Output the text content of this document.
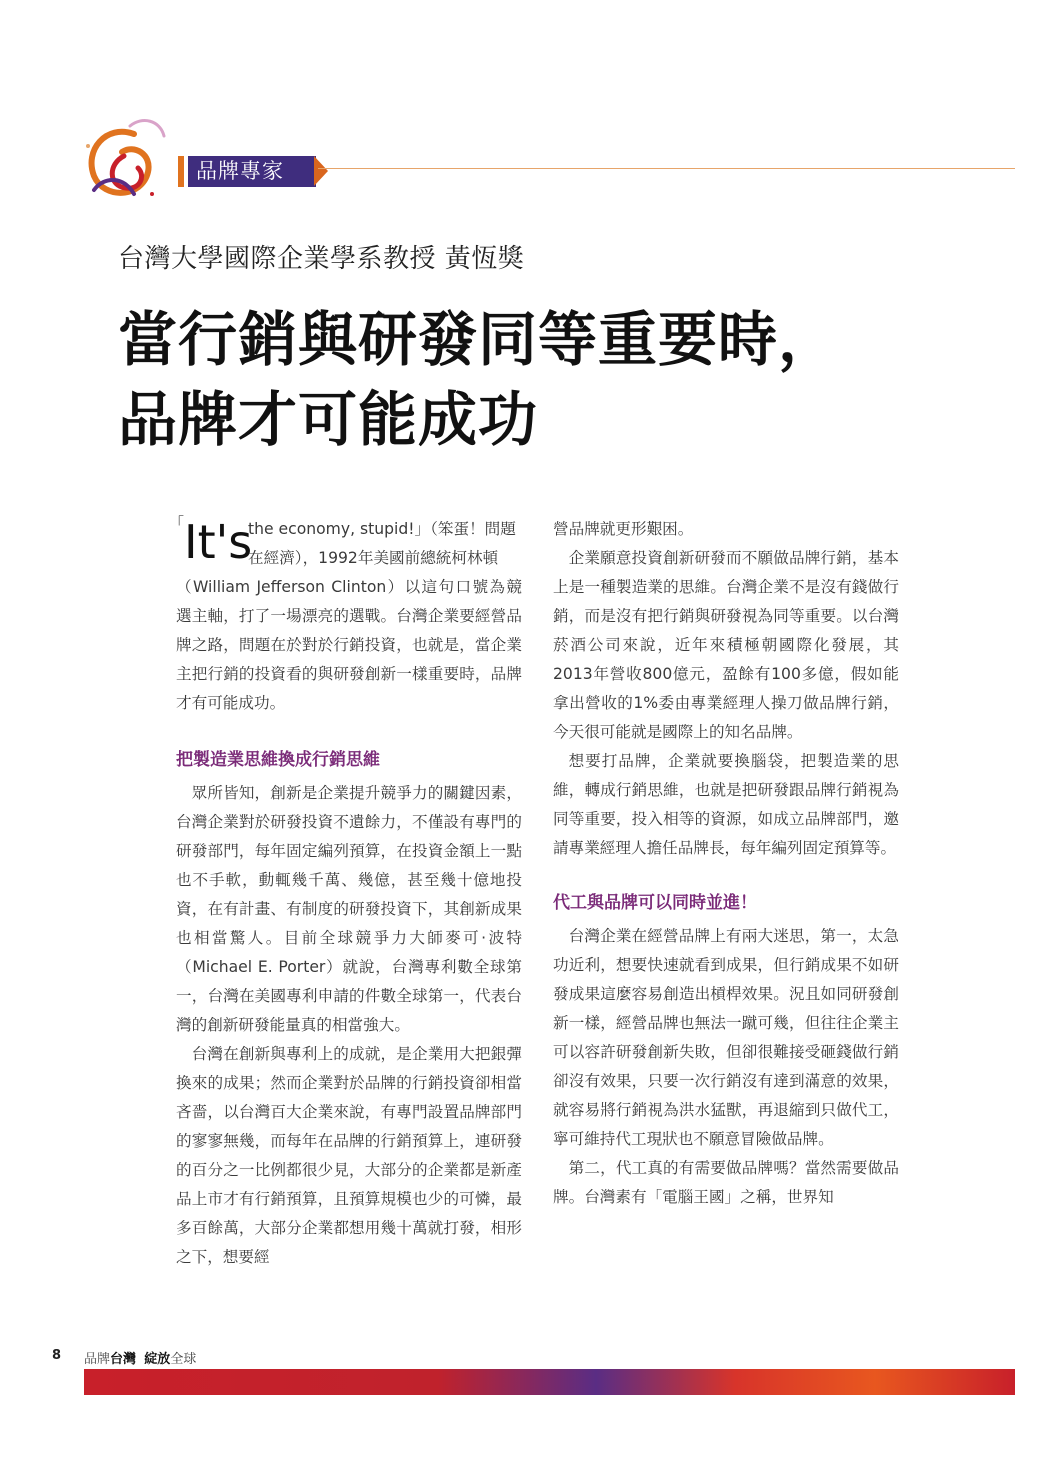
品牌專家
台灣大學國際企業學系教授 黃恆獎
當行銷與研發同等重要時，
品牌才可能成功
「It's
the economy, stupid!」（笨蛋！問題
在經濟），1992年美國前總統柯林頓

（William Jefferson Clinton）以這句口號為競選主軸，打了一場漂亮的選戰。台灣企業要經營品牌之路，問題在於對於行銷投資，也就是，當企業主把行銷的投資看的與研發創新一樣重要時，品牌才有可能成功。

把製造業思維換成行銷思維

眾所皆知，創新是企業提升競爭力的關鍵因素，台灣企業對於研發投資不遺餘力，不僅設有專門的研發部門，每年固定編列預算，在投資金額上一點也不手軟，動輒幾千萬、幾億，甚至幾十億地投資，在有計畫、有制度的研發投資下，其創新成果也相當驚人。目前全球競爭力大師麥可·波特（Michael E. Porter）就說，台灣專利數全球第一，台灣在美國專利申請的件數全球第一，代表台灣的創新研發能量真的相當強大。

台灣在創新與專利上的成就，是企業用大把銀彈換來的成果；然而企業對於品牌的行銷投資卻相當吝嗇，以台灣百大企業來說，有專門設置品牌部門的寥寥無幾，而每年在品牌的行銷預算上，連研發的百分之一比例都很少見，大部分的企業都是新產品上市才有行銷預算，且預算規模也少的可憐，最多百餘萬，大部分企業都想用幾十萬就打發，相形之下，想要經

營品牌就更形艱困。

企業願意投資創新研發而不願做品牌行銷，基本上是一種製造業的思維。台灣企業不是沒有錢做行銷，而是沒有把行銷與研發視為同等重要。以台灣菸酒公司來說，近年來積極朝國際化發展，其2013年營收800億元，盈餘有100多億，假如能拿出營收的1%委由專業經理人操刀做品牌行銷，今天很可能就是國際上的知名品牌。

想要打品牌，企業就要換腦袋，把製造業的思維，轉成行銷思維，也就是把研發跟品牌行銷視為同等重要，投入相等的資源，如成立品牌部門，邀請專業經理人擔任品牌長，每年編列固定預算等。

代工與品牌可以同時並進！

台灣企業在經營品牌上有兩大迷思，第一，太急功近利，想要快速就看到成果，但行銷成果不如研發成果這麼容易創造出槓桿效果。況且如同研發創新一樣，經營品牌也無法一蹴可幾，但往往企業主可以容許研發創新失敗，但卻很難接受砸錢做行銷卻沒有效果，只要一次行銷沒有達到滿意的效果，就容易將行銷視為洪水猛獸，再退縮到只做代工，寧可維持代工現狀也不願意冒險做品牌。

第二，代工真的有需要做品牌嗎？當然需要做品牌。台灣素有「電腦王國」之稱，世界知

8 品牌台灣 綻放全球
